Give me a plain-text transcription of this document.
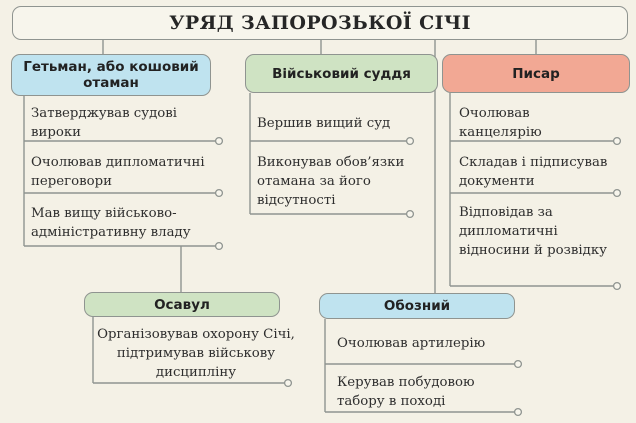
УРЯД ЗАПОРОЗЬКОЇ СІЧІ
Гетьман, або кошовий отаман
Затверджував судові вироки
Очолював дипломатичні переговори
Мав вищу військово-адміністративну владу
Військовий суддя
Вершив вищий суд
Виконував обов’язки отамана за його відсутності
Писар
Очолював канцелярію
Складав і підписував документи
Відповідав за дипломатичні відносини й розвідку
Осавул
Організовував охорону Січі, підтримував військову дисципліну
Обозний
Очолював артилерію
Керував побудовою табору в поході
